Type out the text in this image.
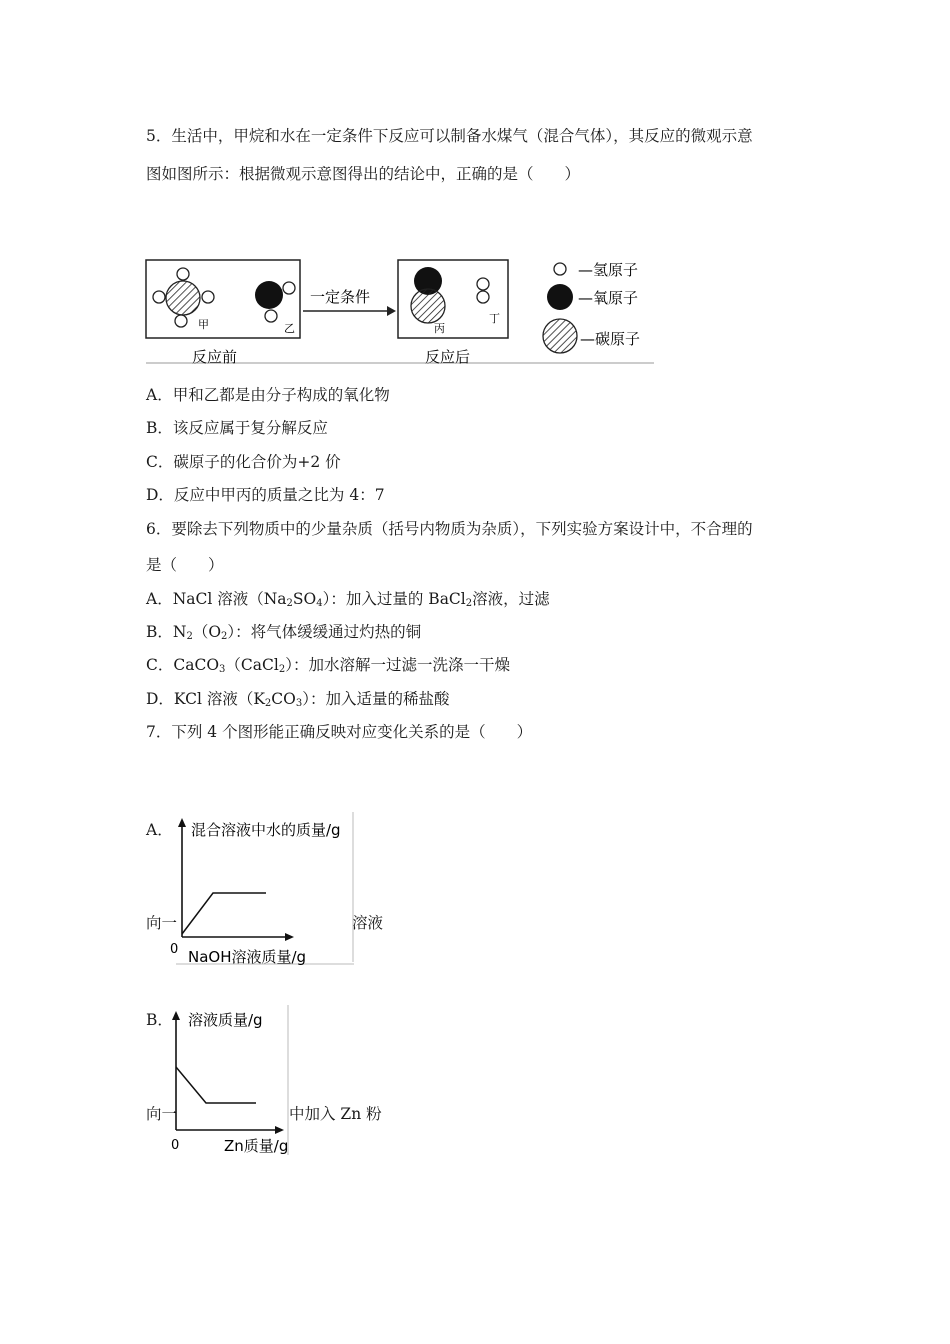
5．生活中，甲烷和水在一定条件下反应可以制备水煤气（混合气体），其反应的微观示意
图如图所示：根据微观示意图得出的结论中，正确的是（　　）
甲	乙
一定条件
丙
丁
—氢原子
—氧原子
—碳原子
反应前	反应后
A．甲和乙都是由分子构成的氧化物
B．该反应属于复分解反应
C．碳原子的化合价为+2 价
D．反应中甲丙的质量之比为 4：7
6．要除去下列物质中的少量杂质（括号内物质为杂质），下列实验方案设计中，不合理的
是（　　）
A．NaCl 溶液$(Na_2SO_4)$：加入过量的 BaCl$_2$溶液，过滤
B．$N_2(O_2)$：将气体缓缓通过灼热的铜
C．CaCO$_3$（CaCl$_2$）：加水溶解一过滤一洗涤一干燥
D．KCl 溶液$(K_2CO_3)$：加入适量的稀盐酸
7．下列 4 个图形能正确反映对应变化关系的是（　　）
A．
向一	溶液
混合溶液中水的质量/g
0 NaOH溶液质量/g
B．
向一	中加入 Zn 粉
溶液质量/g
0	Zn质量/g
